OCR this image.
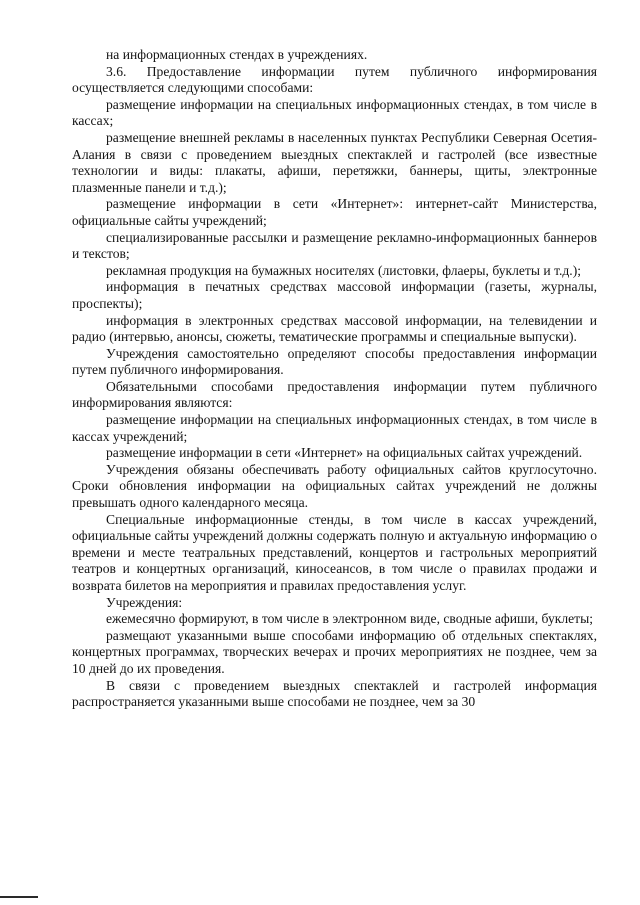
на информационных стендах в учреждениях.

3.6. Предоставление информации путем публичного информирования осуществляется следующими способами:

размещение информации на специальных информационных стендах, в том числе в кассах;

размещение внешней рекламы в населенных пунктах Республики Северная Осетия-Алания в связи с проведением выездных спектаклей и гастролей (все известные технологии и виды: плакаты, афиши, перетяжки, баннеры, щиты, электронные плазменные панели и т.д.);

размещение информации в сети «Интернет»: интернет-сайт Министерства, официальные сайты учреждений;

специализированные рассылки и размещение рекламно-информационных баннеров и текстов;

рекламная продукция на бумажных носителях (листовки, флаеры, буклеты и т.д.);

информация в печатных средствах массовой информации (газеты, журналы, проспекты);

информация в электронных средствах массовой информации, на телевидении и радио (интервью, анонсы, сюжеты, тематические программы и специальные выпуски).

Учреждения самостоятельно определяют способы предоставления информации путем публичного информирования.

Обязательными способами предоставления информации путем публичного информирования являются:

размещение информации на специальных информационных стендах, в том числе в кассах учреждений;

размещение информации в сети «Интернет» на официальных сайтах учреждений.

Учреждения обязаны обеспечивать работу официальных сайтов круглосуточно. Сроки обновления информации на официальных сайтах учреждений не должны превышать одного календарного месяца.

Специальные информационные стенды, в том числе в кассах учреждений, официальные сайты учреждений должны содержать полную и актуальную информацию о времени и месте театральных представлений, концертов и гастрольных мероприятий театров и концертных организаций, киносеансов, в том числе о правилах продажи и возврата билетов на мероприятия и правилах предоставления услуг.

Учреждения:

ежемесячно формируют, в том числе в электронном виде, сводные афиши, буклеты;

размещают указанными выше способами информацию об отдельных спектаклях, концертных программах, творческих вечерах и прочих мероприятиях не позднее, чем за 10 дней до их проведения.

В связи с проведением выездных спектаклей и гастролей информация распространяется указанными выше способами не позднее, чем за 30
